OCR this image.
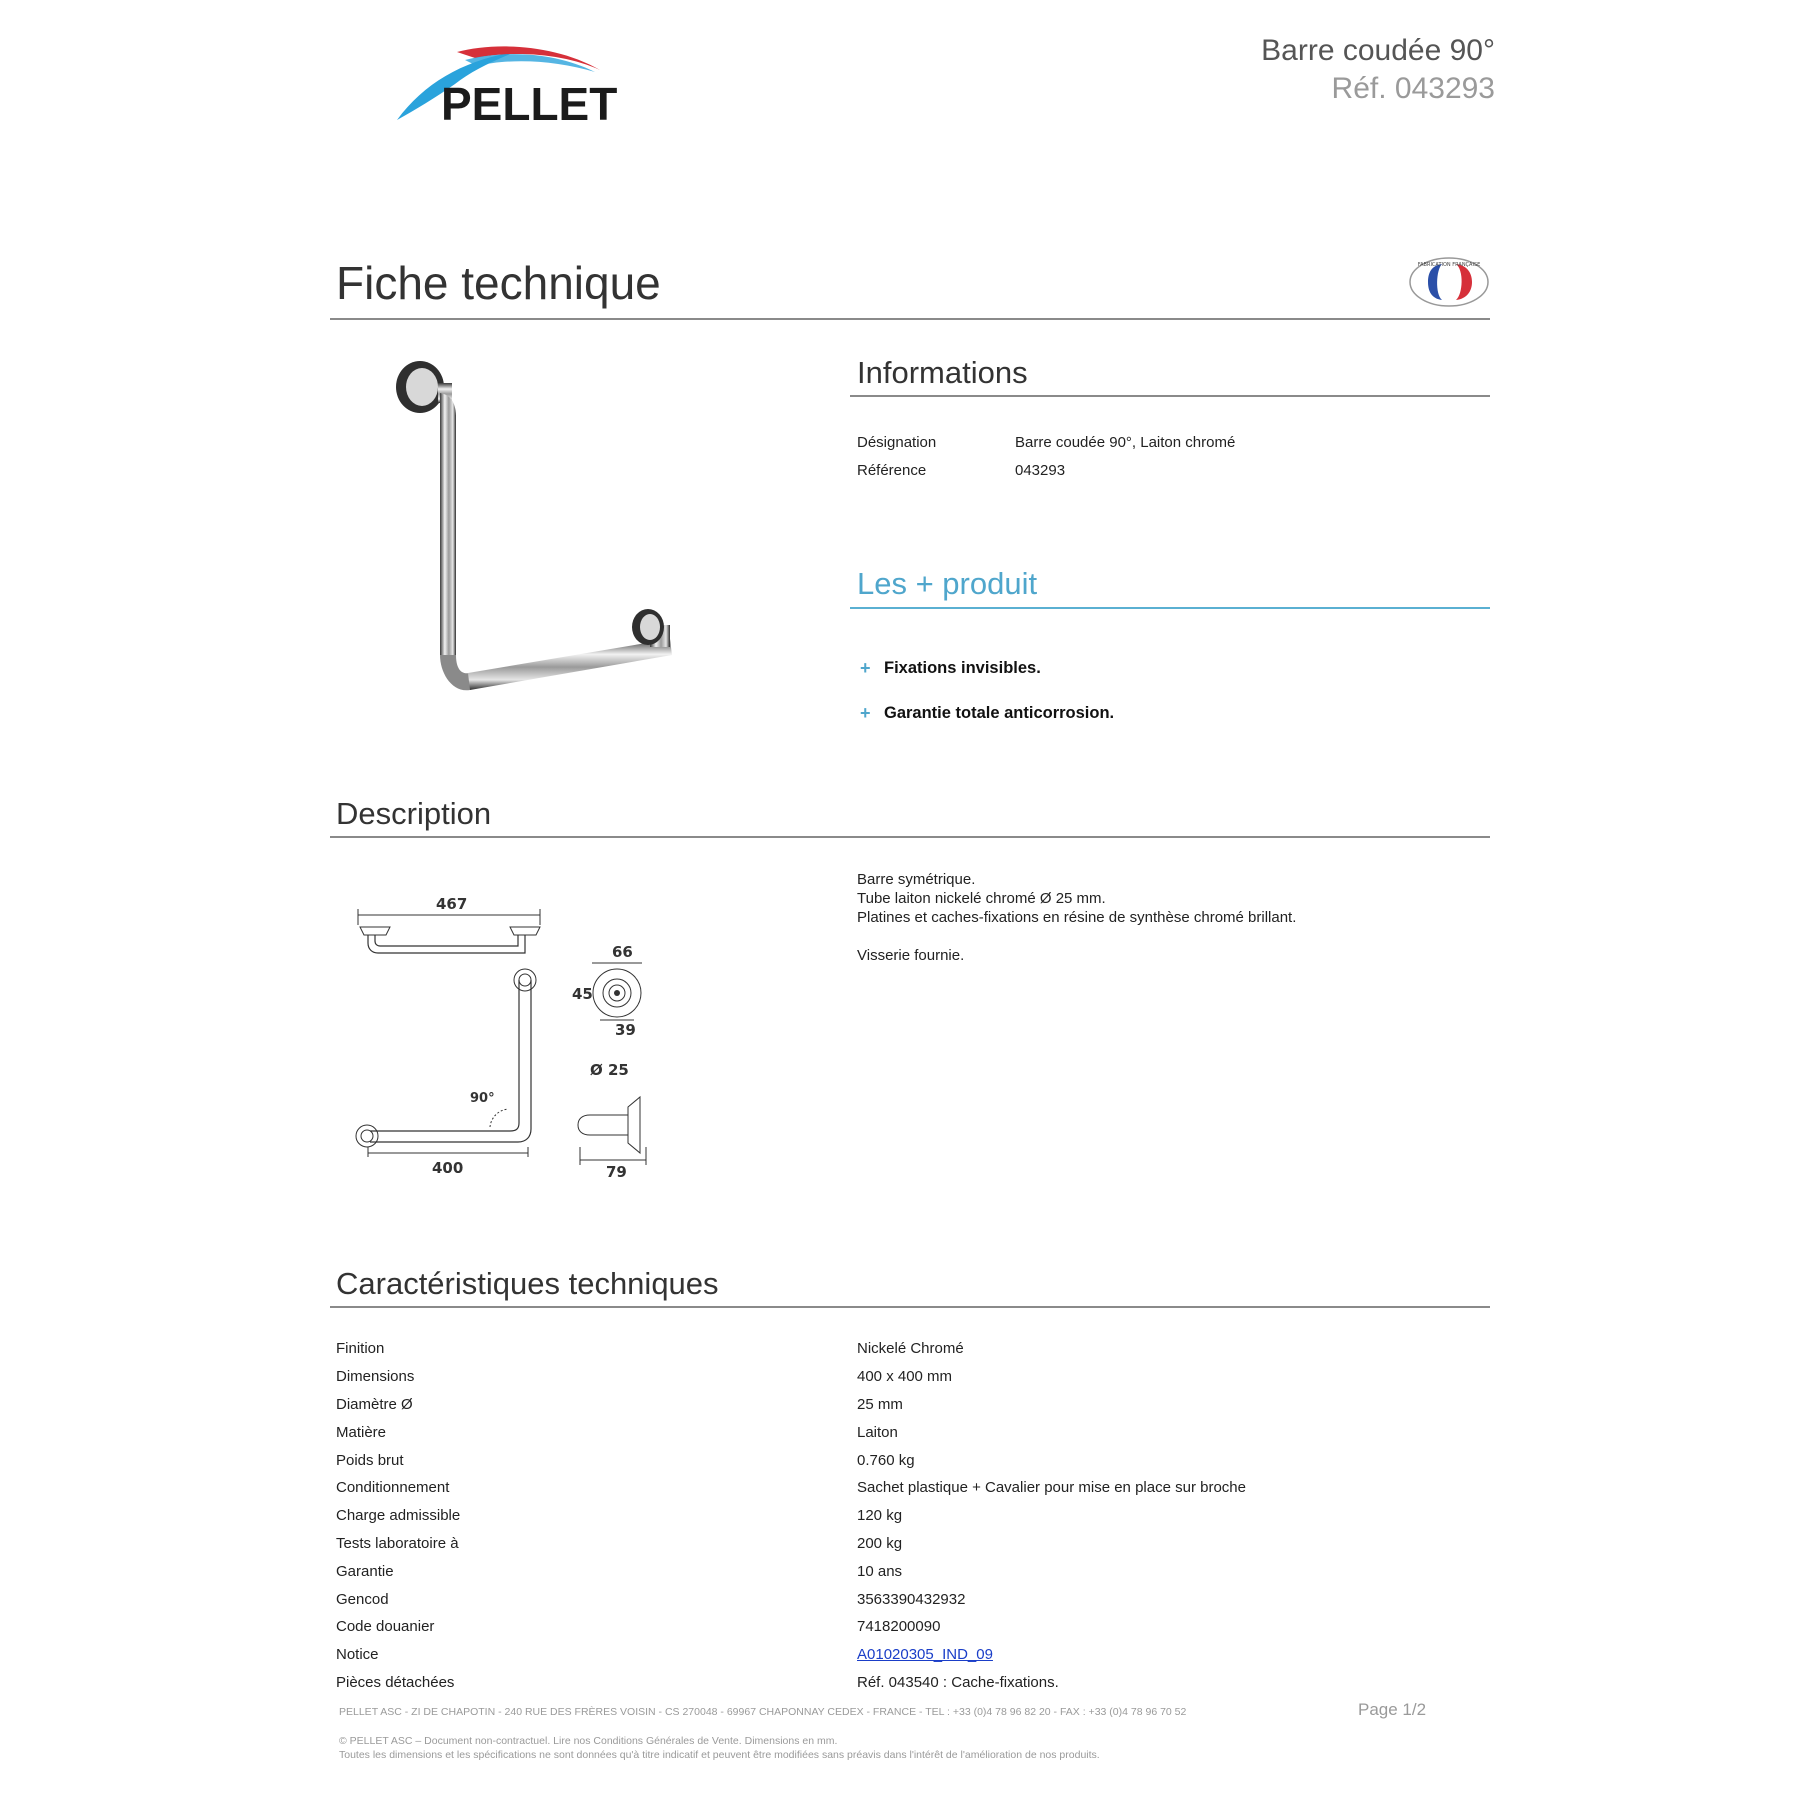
PELLET
Barre coudée 90°
Réf. 043293
Fiche technique	FABRICATION FRANÇAISE
Informations
Désignation	Barre coudée 90°, Laiton chromé
Référence	043293
Les + produit
+ Fixations invisibles.
+ Garantie totale anticorrosion.
Description
467
90°
400
66
45
39
Ø 25
79

Barre symétrique.

Tube laiton nickelé chromé Ø 25 mm.

Platines et caches-fixations en résine de synthèse chromé brillant.

Visserie fournie.

Caractéristiques techniques
Finition	Nickelé Chromé
Dimensions	400 x 400 mm
Diamètre Ø	25 mm
Matière	Laiton
Poids brut	0.760 kg
Conditionnement	Sachet plastique + Cavalier pour mise en place sur broche
Charge admissible	120 kg
Tests laboratoire à	200 kg
Garantie	10 ans
Gencod	3563390432932
Code douanier	7418200090
Notice	A01020305_IND_09
Pièces détachées	Réf. 043540 : Cache-fixations.
PELLET ASC - ZI DE CHAPOTIN - 240 RUE DES FRÈRES VOISIN - CS 270048 - 69967 CHAPONNAY CEDEX - FRANCE - TEL : +33 (0)4 78 96 82 20 - FAX : +33 (0)4 78 96 70 52	Page 1/2
© PELLET ASC – Document non-contractuel. Lire nos Conditions Générales de Vente. Dimensions en mm.
Toutes les dimensions et les spécifications ne sont données qu'à titre indicatif et peuvent être modifiées sans préavis dans l'intérêt de l'amélioration de nos produits.
